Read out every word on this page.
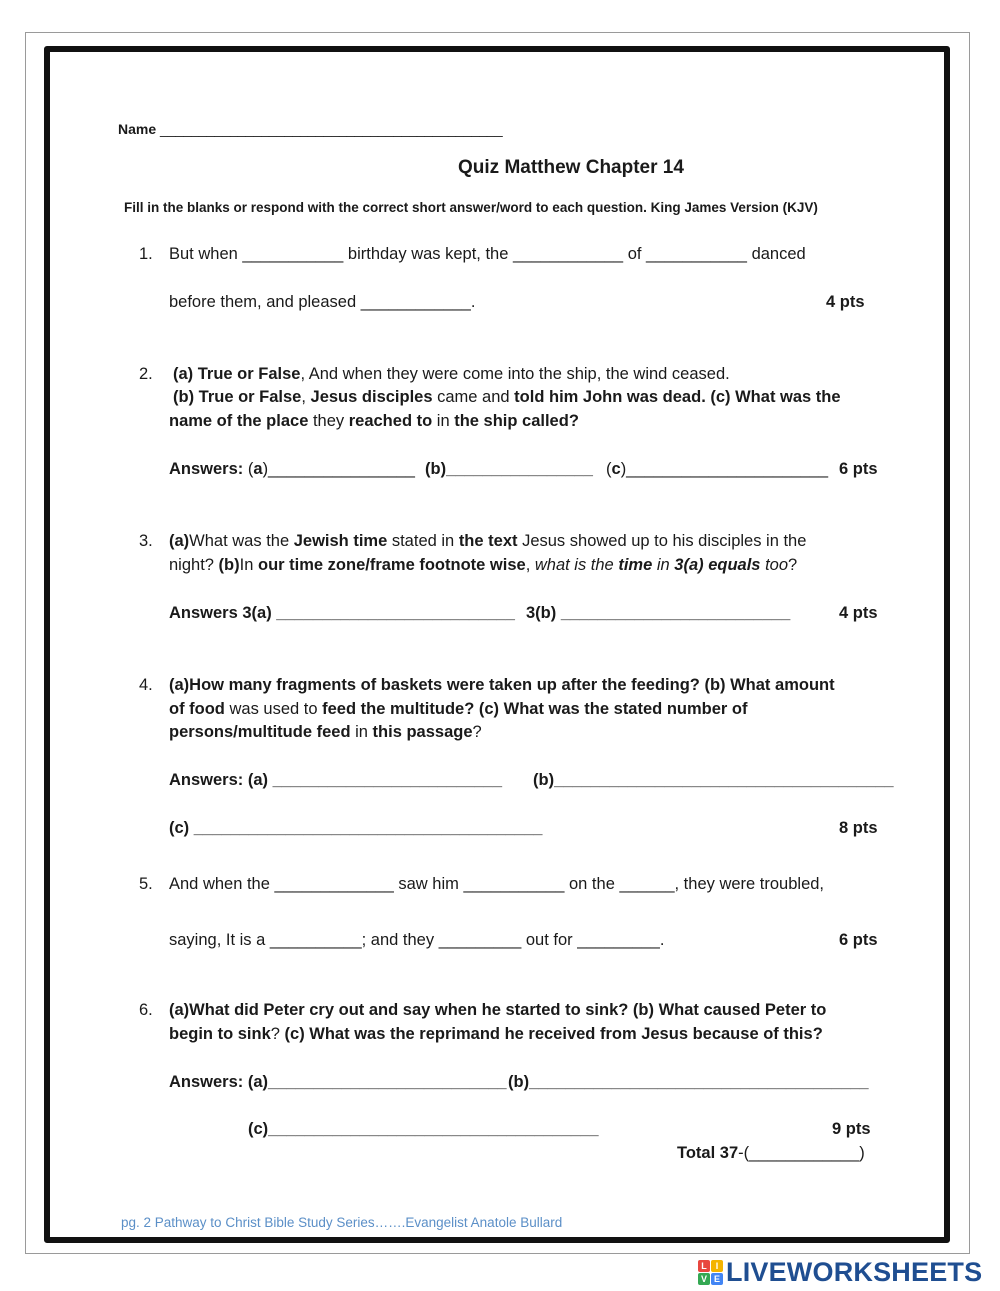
Name ____________________________________________
Quiz Matthew Chapter 14
Fill in the blanks or respond with the correct short answer/word to each question. King James Version (KJV)
1. But when ___________ birthday was kept, the ____________ of ___________ danced
before them, and pleased ____________.	4 pts
2. (a) True or False, And when they were come into the ship, the wind ceased.
(b) True or False, Jesus disciples came and told him John was dead. (c) What was the
name of the place they reached to in the ship called?
Answers: (a)________________ (b)________________ (c)______________________ 6 pts
3. (a)What was the Jewish time stated in the text Jesus showed up to his disciples in the
night? (b)In our time zone/frame footnote wise, what is the time in 3(a) equals too?
Answers 3(a) __________________________ 3(b) _________________________	4 pts
4. (a)How many fragments of baskets were taken up after the feeding? (b) What amount
of food was used to feed the multitude? (c) What was the stated number of
persons/multitude feed in this passage?
Answers: (a) _________________________ (b)_____________________________________
(c) ______________________________________	8 pts
5. And when the _____________ saw him ___________ on the ______, they were troubled,
saying, It is a __________; and they _________ out for _________.	6 pts
6. (a)What did Peter cry out and say when he started to sink? (b) What caused Peter to
begin to sink? (c) What was the reprimand he received from Jesus because of this?
Answers: (a)__________________________ (b)_____________________________________
(c)____________________________________	9 pts
Total 37-(____________)
pg. 2 Pathway to Christ Bible Study Series…….Evangelist Anatole Bullard
L I
V E LIVEWORKSHEETS
